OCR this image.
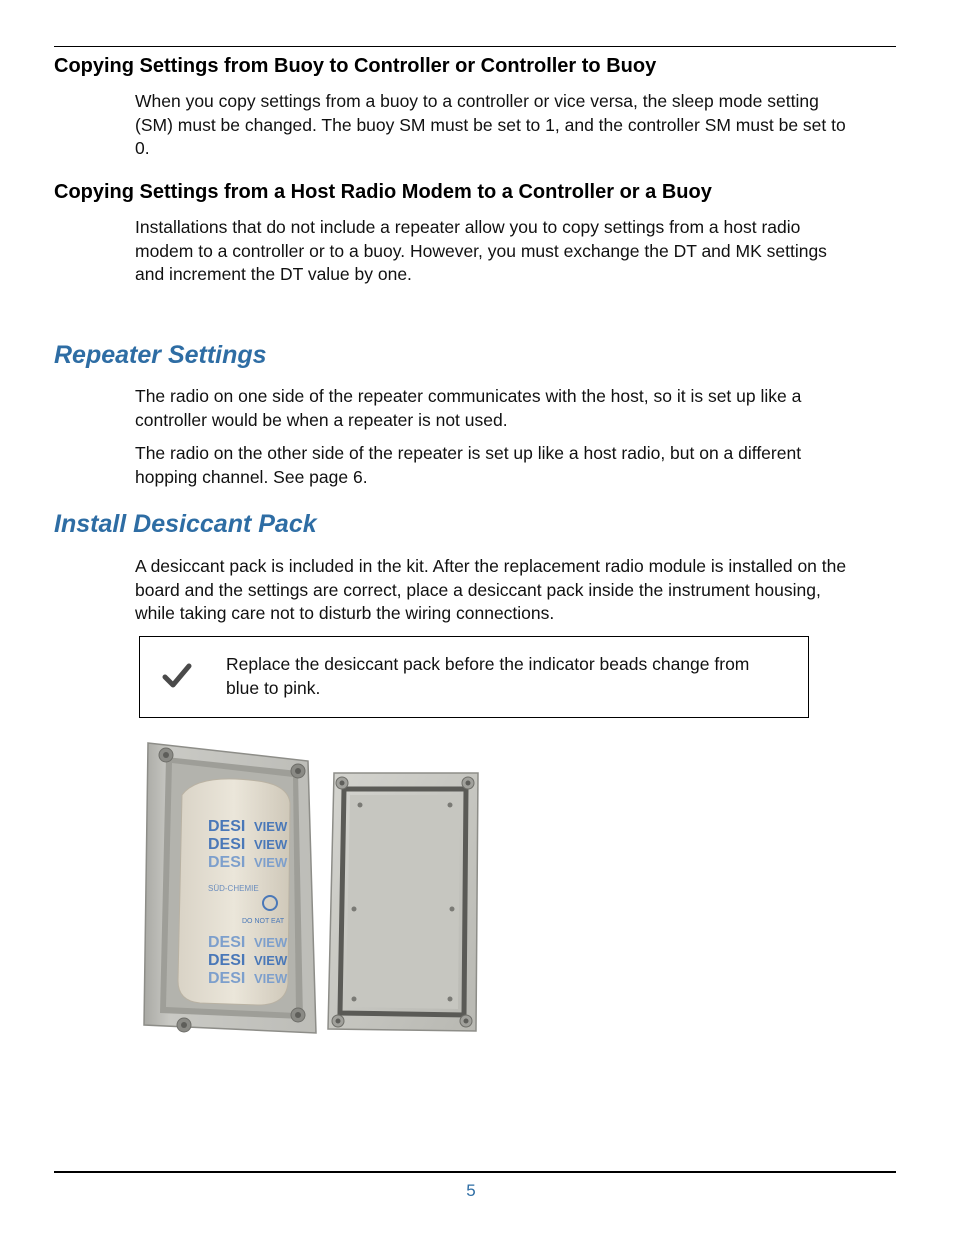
Copying Settings from Buoy to Controller or Controller to Buoy

When you copy settings from a buoy to a controller or vice versa, the sleep mode setting (SM) must be changed. The buoy SM must be set to 1, and the controller SM must be set to 0.

Copying Settings from a Host Radio Modem to a Controller or a Buoy

Installations that do not include a repeater allow you to copy settings from a host radio modem to a controller or to a buoy. However, you must exchange the DT and MK settings and increment the DT value by one.

Repeater Settings

The radio on one side of the repeater communicates with the host, so it is set up like a controller would be when a repeater is not used.

The radio on the other side of the repeater is set up like a host radio, but on a different hopping channel. See page 6.

Install Desiccant Pack

A desiccant pack is included in the kit. After the replacement radio module is installed on the board and the settings are correct, place a desiccant pack inside the instrument housing, while taking care not to disturb the wiring connections.

Replace the desiccant pack before the indicator beads change from blue to pink.

DESI
DESI
DESI
VIEW
VIEW
VIEW
SÜD-CHEMIE
DO NOT EAT
DESI
DESI
DESI
VIEW
VIEW
VIEW
5
